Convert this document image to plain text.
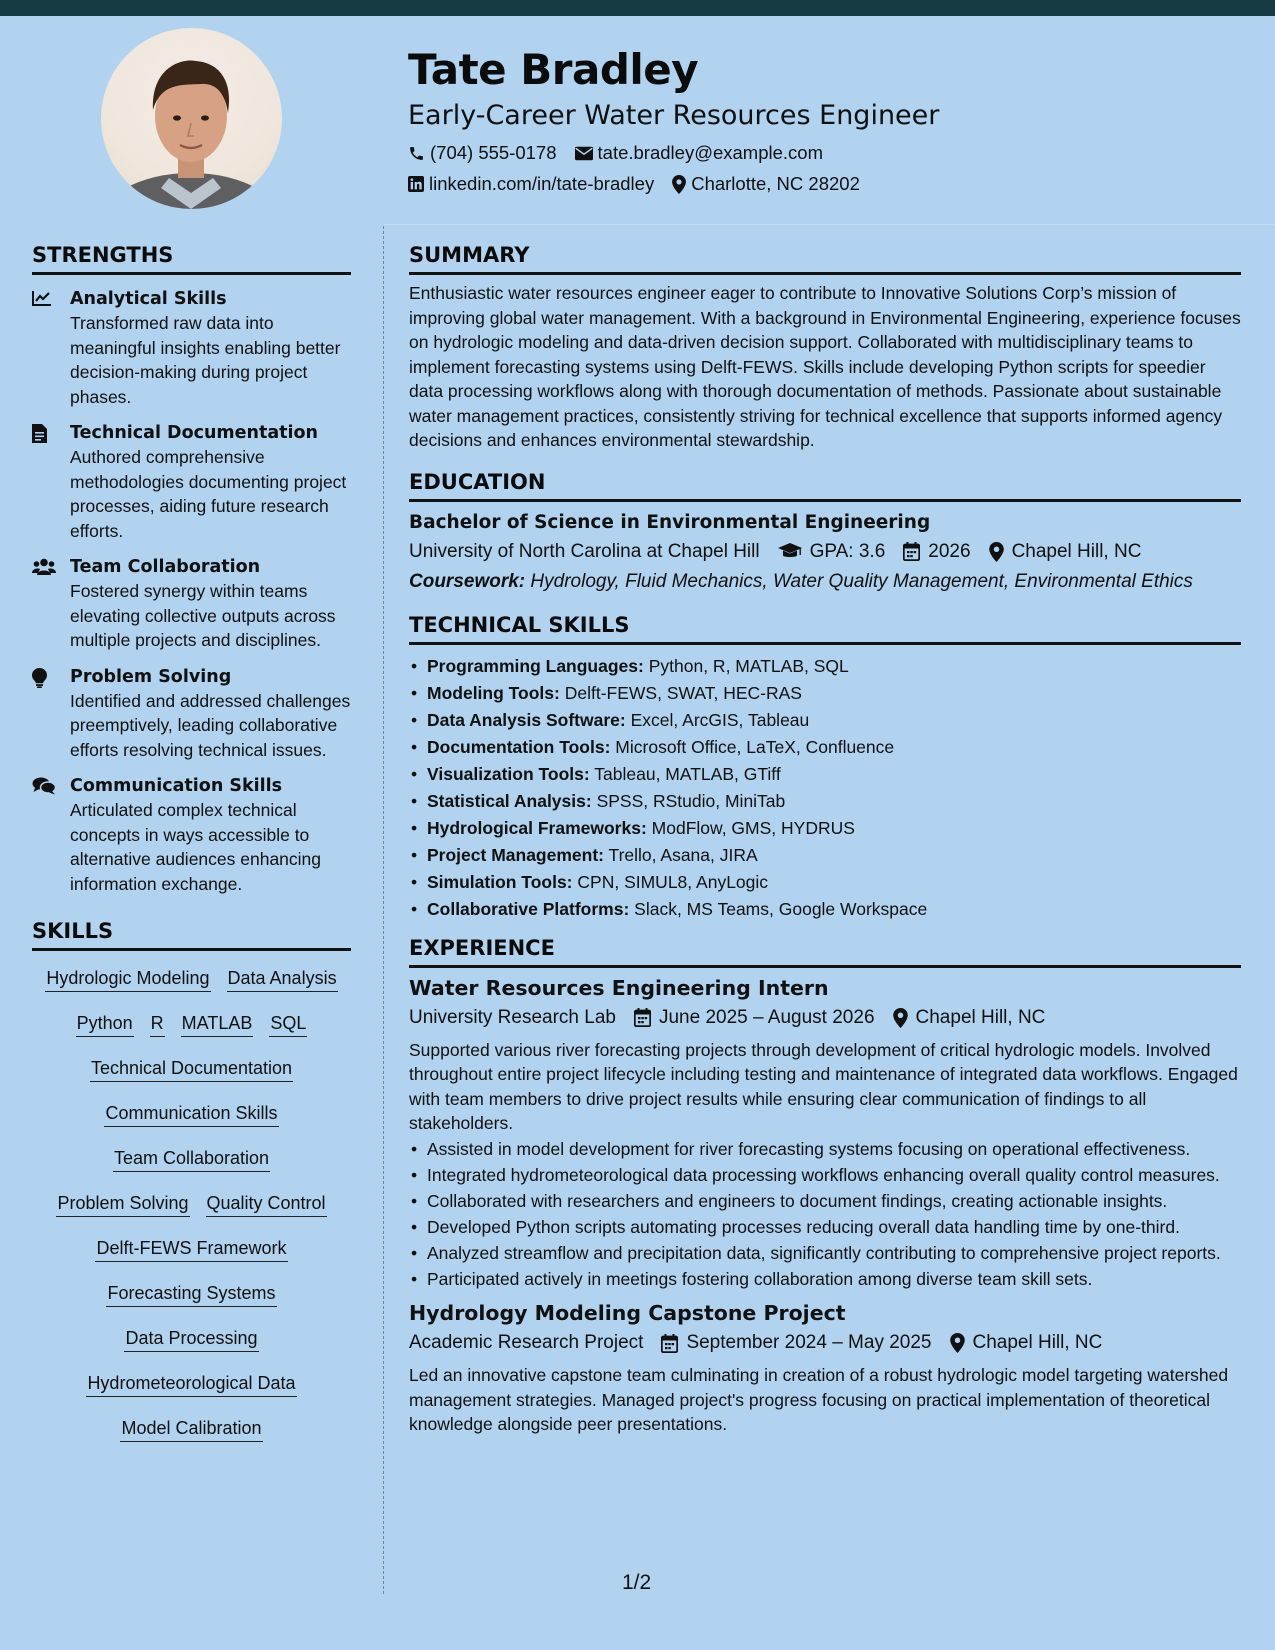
Tate Bradley
Early-Career Water Resources Engineer
(704) 555-0178 tate.bradley@example.com
linkedin.com/in/tate-bradley Charlotte, NC 28202
STRENGTHS
Analytical Skills
Transformed raw data into meaningful insights enabling better decision-making during project phases.
Technical Documentation
Authored comprehensive methodologies documenting project processes, aiding future research efforts.
Team Collaboration
Fostered synergy within teams elevating collective outputs across multiple projects and disciplines.
Problem Solving
Identified and addressed challenges preemptively, leading collaborative efforts resolving technical issues.
Communication Skills
Articulated complex technical concepts in ways accessible to alternative audiences enhancing information exchange.
SKILLS
Hydrologic Modeling Data Analysis
Python R MATLAB SQL
Technical Documentation
Communication Skills
Team Collaboration
Problem Solving Quality Control
Delft-FEWS Framework
Forecasting Systems
Data Processing
Hydrometeorological Data
Model Calibration
SUMMARY
Enthusiastic water resources engineer eager to contribute to Innovative Solutions Corp’s mission of improving global water management. With a background in Environmental Engineering, experience focuses on hydrologic modeling and data-driven decision support. Collaborated with multidisciplinary teams to implement forecasting systems using Delft-FEWS. Skills include developing Python scripts for speedier data processing workflows along with thorough documentation of methods. Passionate about sustainable water management practices, consistently striving for technical excellence that supports informed agency decisions and enhances environmental stewardship.
EDUCATION
Bachelor of Science in Environmental Engineering
University of North Carolina at Chapel Hill	GPA: 3.6 2026 Chapel Hill, NC
Coursework: Hydrology, Fluid Mechanics, Water Quality Management, Environmental Ethics
TECHNICAL SKILLS
• Programming Languages: Python, R, MATLAB, SQL
• Modeling Tools: Delft-FEWS, SWAT, HEC-RAS
• Data Analysis Software: Excel, ArcGIS, Tableau
• Documentation Tools: Microsoft Office, LaTeX, Confluence
• Visualization Tools: Tableau, MATLAB, GTiff
• Statistical Analysis: SPSS, RStudio, MiniTab
• Hydrological Frameworks: ModFlow, GMS, HYDRUS
• Project Management: Trello, Asana, JIRA
• Simulation Tools: CPN, SIMUL8, AnyLogic
• Collaborative Platforms: Slack, MS Teams, Google Workspace
EXPERIENCE
Water Resources Engineering Intern
University Research Lab June 2025 – August 2026 Chapel Hill, NC
Supported various river forecasting projects through development of critical hydrologic models. Involved throughout entire project lifecycle including testing and maintenance of integrated data workflows. Engaged with team members to drive project results while ensuring clear communication of findings to all stakeholders.
• Assisted in model development for river forecasting systems focusing on operational effectiveness.
• Integrated hydrometeorological data processing workflows enhancing overall quality control measures.
• Collaborated with researchers and engineers to document findings, creating actionable insights.
• Developed Python scripts automating processes reducing overall data handling time by one-third.
• Analyzed streamflow and precipitation data, significantly contributing to comprehensive project reports.
• Participated actively in meetings fostering collaboration among diverse team skill sets.
Hydrology Modeling Capstone Project
Academic Research Project September 2024 – May 2025 Chapel Hill, NC
Led an innovative capstone team culminating in creation of a robust hydrologic model targeting watershed management strategies. Managed project's progress focusing on practical implementation of theoretical knowledge alongside peer presentations.
1/2
